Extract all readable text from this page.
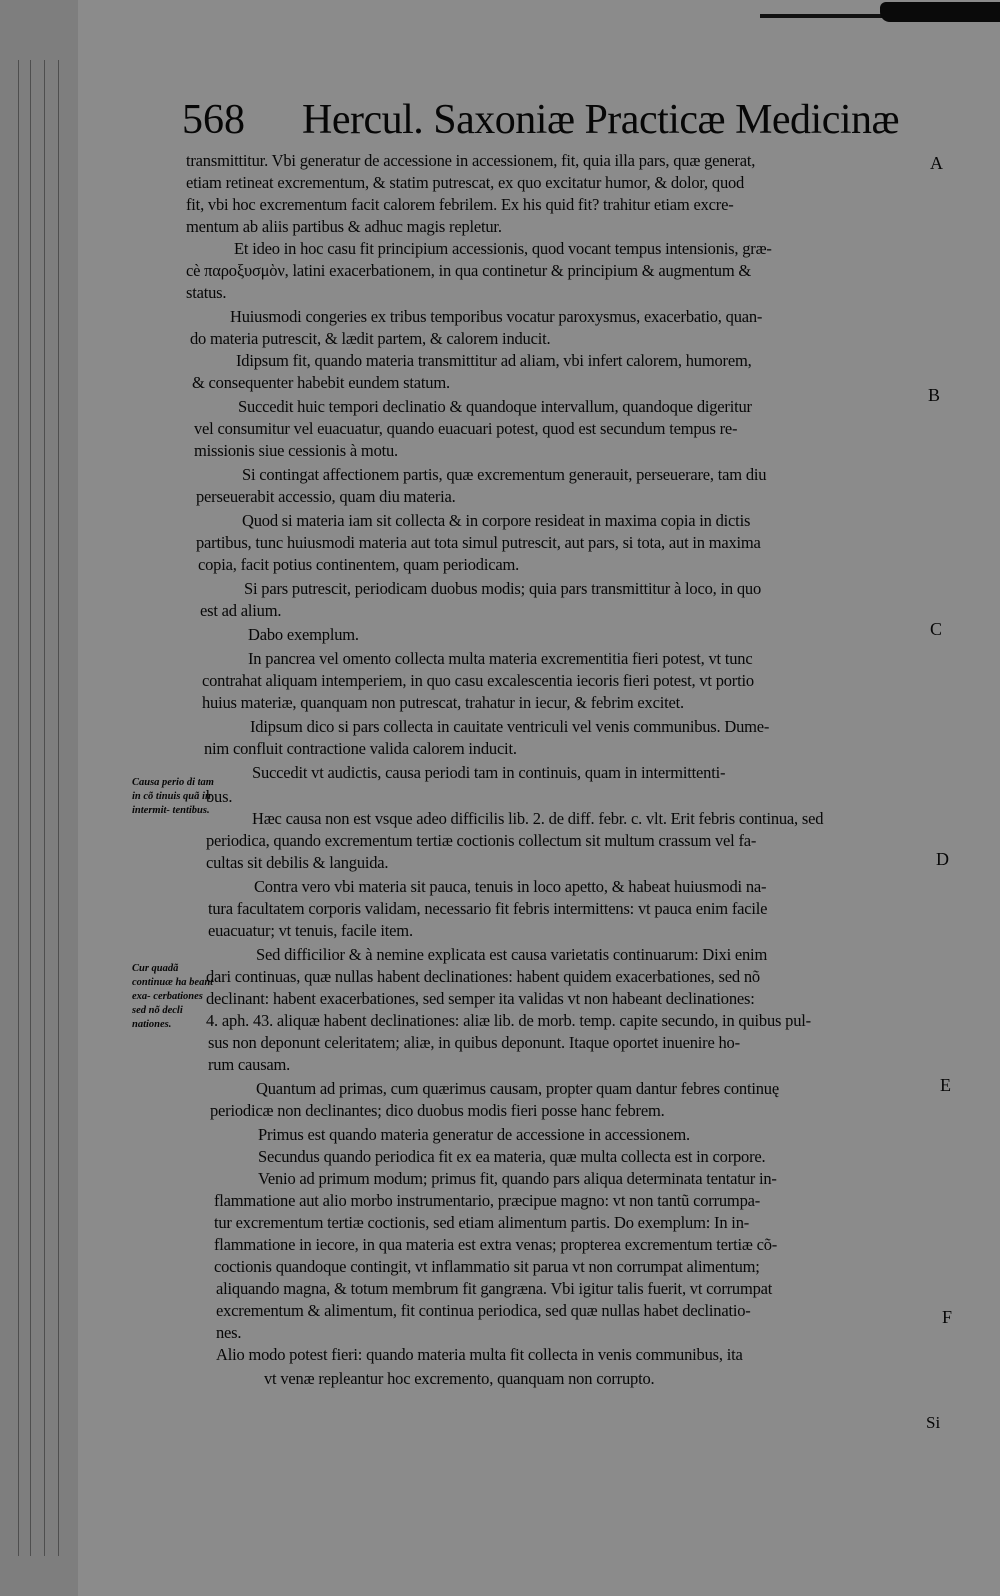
568 Hercul. Saxoniæ Practicæ Medicinæ
transmittitur. Vbi generatur de accessione in accessionem, fit, quia illa pars, quæ generat,
etiam retineat excrementum, & statim putrescat, ex quo excitatur humor, & dolor, quod
fit, vbi hoc excrementum facit calorem febrilem. Ex his quid fit? trahitur etiam excre-
mentum ab aliis partibus & adhuc magis repletur.
Et ideo in hoc casu fit principium accessionis, quod vocant tempus intensionis, græ-
cè παροξυσμὸν, latini exacerbationem, in qua continetur & principium & augmentum &
status.
Huiusmodi congeries ex tribus temporibus vocatur paroxysmus, exacerbatio, quan-
do materia putrescit, & lædit partem, & calorem inducit.
Idipsum fit, quando materia transmittitur ad aliam, vbi infert calorem, humorem,
& consequenter habebit eundem statum.
Succedit huic tempori declinatio & quandoque intervallum, quandoque digeritur
vel consumitur vel euacuatur, quando euacuari potest, quod est secundum tempus re-
missionis siue cessionis à motu.
Si contingat affectionem partis, quæ excrementum generauit, perseuerare, tam diu
perseuerabit accessio, quam diu materia.
Quod si materia iam sit collecta & in corpore resideat in maxima copia in dictis
partibus, tunc huiusmodi materia aut tota simul putrescit, aut pars, si tota, aut in maxima
copia, facit potius continentem, quam periodicam.
Si pars putrescit, periodicam duobus modis; quia pars transmittitur à loco, in quo
est ad alium.
Dabo exemplum.
In pancrea vel omento collecta multa materia excrementitia fieri potest, vt tunc
contrahat aliquam intemperiem, in quo casu excalescentia iecoris fieri potest, vt portio
huius materiæ, quanquam non putrescat, trahatur in iecur, & febrim excitet.
Idipsum dico si pars collecta in cauitate ventriculi vel venis communibus. Dume-
nim confluit contractione valida calorem inducit.
Succedit vt audictis, causa periodi tam in continuis, quam in intermittenti-
bus.
Hæc causa non est vsque adeo difficilis lib. 2. de diff. febr. c. vlt. Erit febris continua, sed
periodica, quando excrementum tertiæ coctionis collectum sit multum crassum vel fa-
cultas sit debilis & languida.
Contra vero vbi materia sit pauca, tenuis in loco apetto, & habeat huiusmodi na-
tura facultatem corporis validam, necessario fit febris intermittens: vt pauca enim facile
euacuatur; vt tenuis, facile item.
Sed difficilior & à nemine explicata est causa varietatis continuarum: Dixi enim
dari continuas, quæ nullas habent declinationes: habent quidem exacerbationes, sed nõ
declinant: habent exacerbationes, sed semper ita validas vt non habeant declinationes:
4. aph. 43. aliquæ habent declinationes: aliæ lib. de morb. temp. capite secundo, in quibus pul-
sus non deponunt celeritatem; aliæ, in quibus deponunt. Itaque oportet inuenire ho-
rum causam.
Quantum ad primas, cum quærimus causam, propter quam dantur febres continuę
periodicæ non declinantes; dico duobus modis fieri posse hanc febrem.
Primus est quando materia generatur de accessione in accessionem.
Secundus quando periodica fit ex ea materia, quæ multa collecta est in corpore.
Venio ad primum modum; primus fit, quando pars aliqua determinata tentatur in-
flammatione aut alio morbo instrumentario, præcipue magno: vt non tantũ corrumpa-
tur excrementum tertiæ coctionis, sed etiam alimentum partis. Do exemplum: In in-
flammatione in iecore, in qua materia est extra venas; propterea excrementum tertiæ cõ-
coctionis quandoque contingit, vt inflammatio sit parua vt non corrumpat alimentum;
aliquando magna, & totum membrum fit gangræna. Vbi igitur talis fuerit, vt corrumpat
excrementum & alimentum, fit continua periodica, sed quæ nullas habet declinatio-
nes.
Alio modo potest fieri: quando materia multa fit collecta in venis communibus, ita
vt venæ repleantur hoc excremento, quanquam non corrupto.
Causa perio di tam in cõ tinuis quã in intermit- tentibus.
Cur quadã continuæ ha beant exa- cerbationes sed nõ decli nationes.
A
B
C
D
E
F
Si
